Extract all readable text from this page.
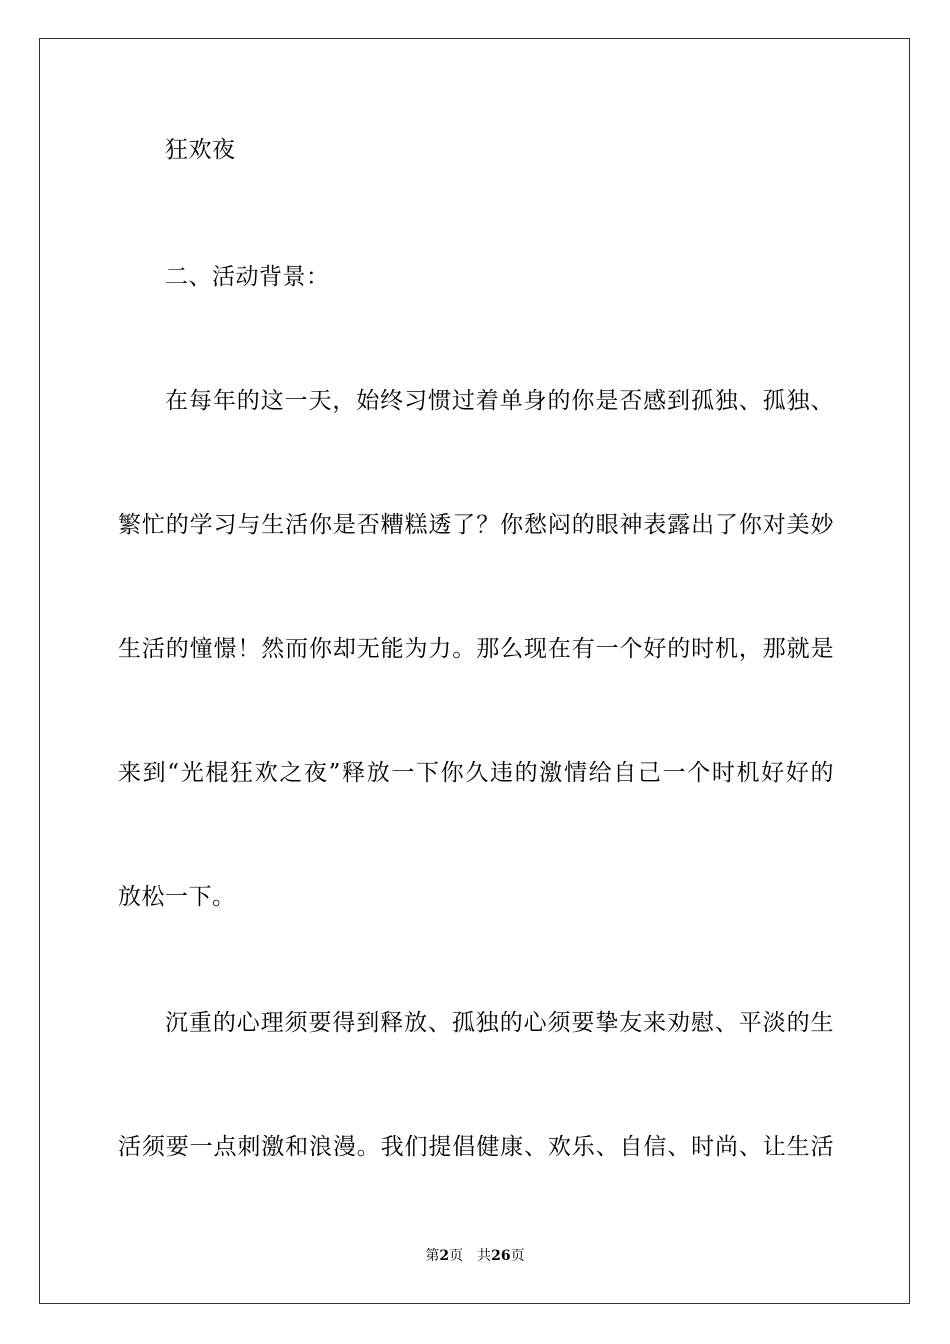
狂欢夜
二、活动背景：
在每年的这一天，始终习惯过着单身的你是否感到孤独、孤独、
繁忙的学习与生活你是否糟糕透了？你愁闷的眼神表露出了你对美妙
生活的憧憬！然而你却无能为力。那么现在有一个好的时机，那就是
来到“光棍狂欢之夜”释放一下你久违的激情给自己一个时机好好的
放松一下。
沉重的心理须要得到释放、孤独的心须要挚友来劝慰、平淡的生
活须要一点刺激和浪漫。我们提倡健康、欢乐、自信、时尚、让生活
第2页 共26页
